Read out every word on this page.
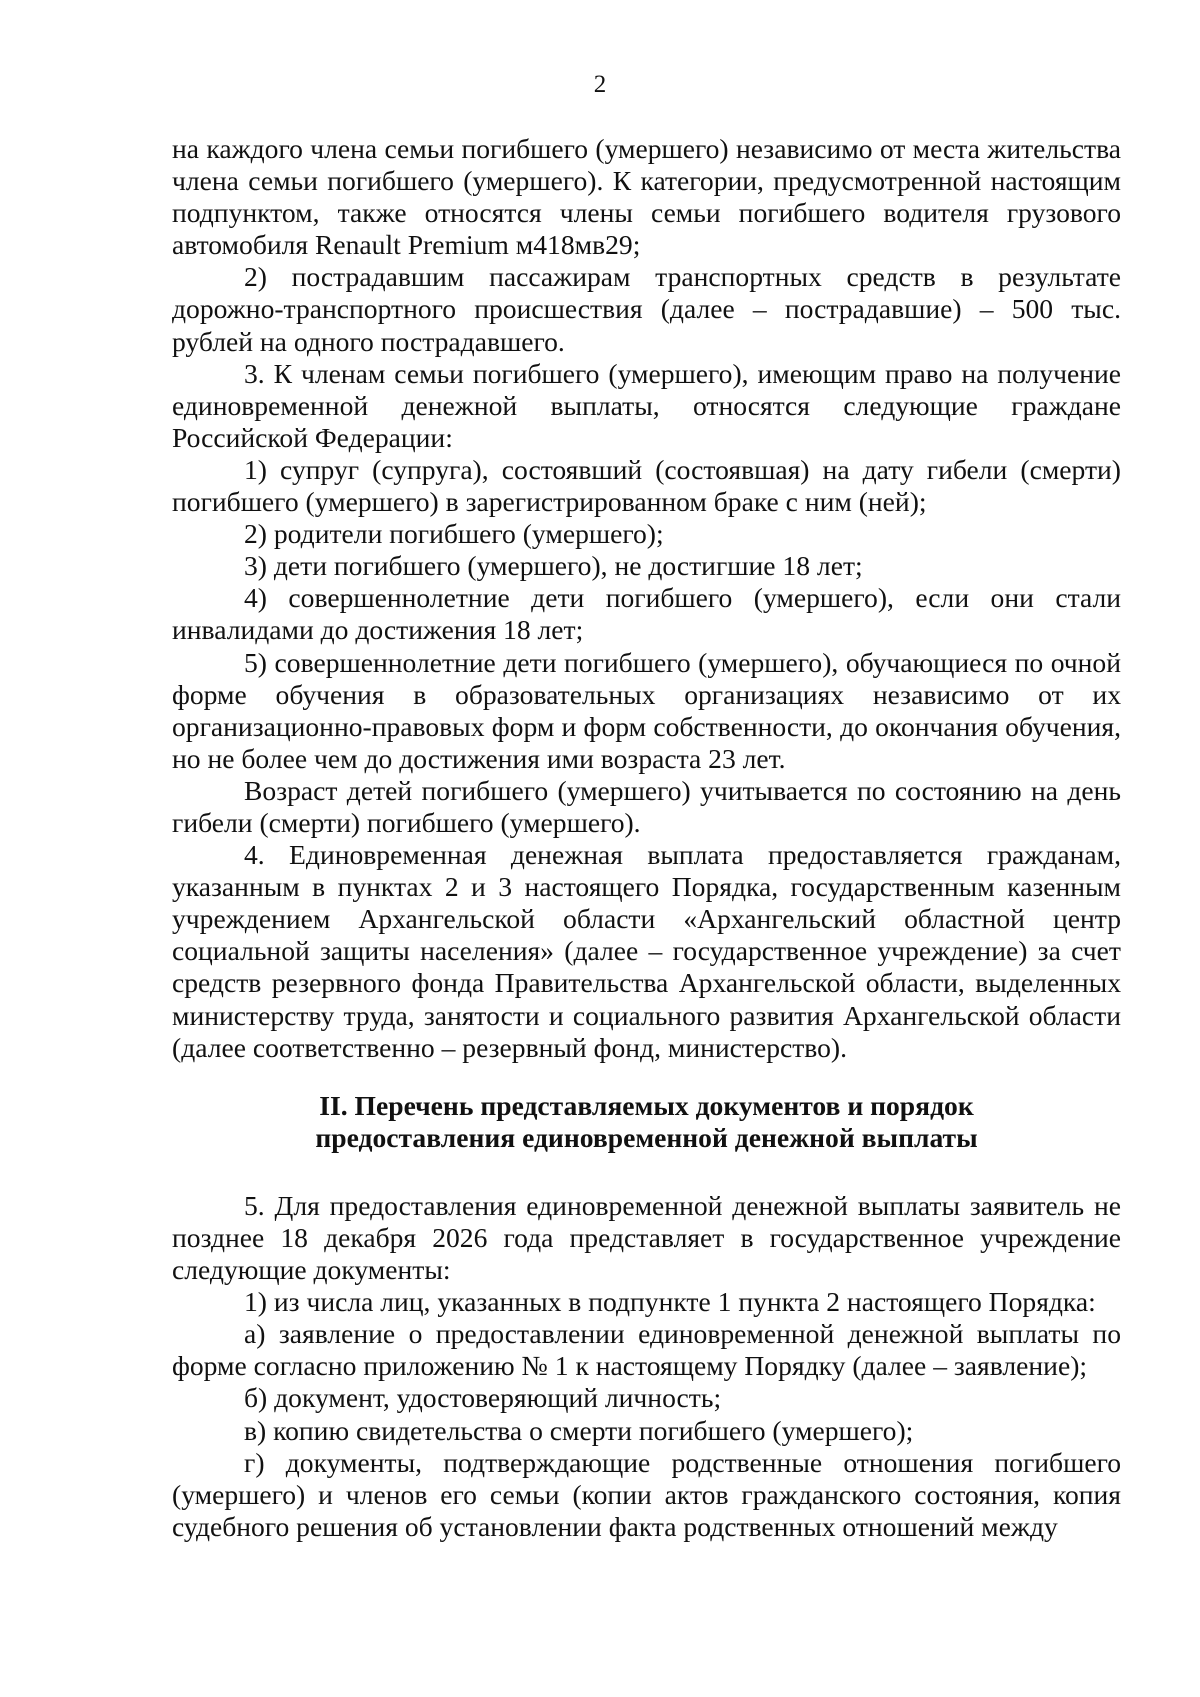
2

на каждого члена семьи погибшего (умершего) независимо от места жительства члена семьи погибшего (умершего). К категории, предусмотренной настоящим подпунктом, также относятся члены семьи погибшего водителя грузового автомобиля Renault Premium м418мв29;

2) пострадавшим пассажирам транспортных средств в результате дорожно-транспортного происшествия (далее – пострадавшие) – 500 тыс. рублей на одного пострадавшего.

3. К членам семьи погибшего (умершего), имеющим право на получение единовременной денежной выплаты, относятся следующие граждане Российской Федерации:

1) супруг (супруга), состоявший (состоявшая) на дату гибели (смерти) погибшего (умершего) в зарегистрированном браке с ним (ней);

2) родители погибшего (умершего);

3) дети погибшего (умершего), не достигшие 18 лет;

4) совершеннолетние дети погибшего (умершего), если они стали инвалидами до достижения 18 лет;

5) совершеннолетние дети погибшего (умершего), обучающиеся по очной форме обучения в образовательных организациях независимо от их организационно-правовых форм и форм собственности, до окончания обучения, но не более чем до достижения ими возраста 23 лет.

Возраст детей погибшего (умершего) учитывается по состоянию на день гибели (смерти) погибшего (умершего).

4. Единовременная денежная выплата предоставляется гражданам, указанным в пунктах 2 и 3 настоящего Порядка, государственным казенным учреждением Архангельской области «Архангельский областной центр социальной защиты населения» (далее – государственное учреждение) за счет средств резервного фонда Правительства Архангельской области, выделенных министерству труда, занятости и социального развития Архангельской области (далее соответственно – резервный фонд, министерство).

II. Перечень представляемых документов и порядок

предоставления единовременной денежной выплаты

5. Для предоставления единовременной денежной выплаты заявитель не позднее 18 декабря 2026 года представляет в государственное учреждение следующие документы:

1) из числа лиц, указанных в подпункте 1 пункта 2 настоящего Порядка:

а) заявление о предоставлении единовременной денежной выплаты по форме согласно приложению № 1 к настоящему Порядку (далее – заявление);

б) документ, удостоверяющий личность;

в) копию свидетельства о смерти погибшего (умершего);

г) документы, подтверждающие родственные отношения погибшего (умершего) и членов его семьи (копии актов гражданского состояния, копия судебного решения об установлении факта родственных отношений между
